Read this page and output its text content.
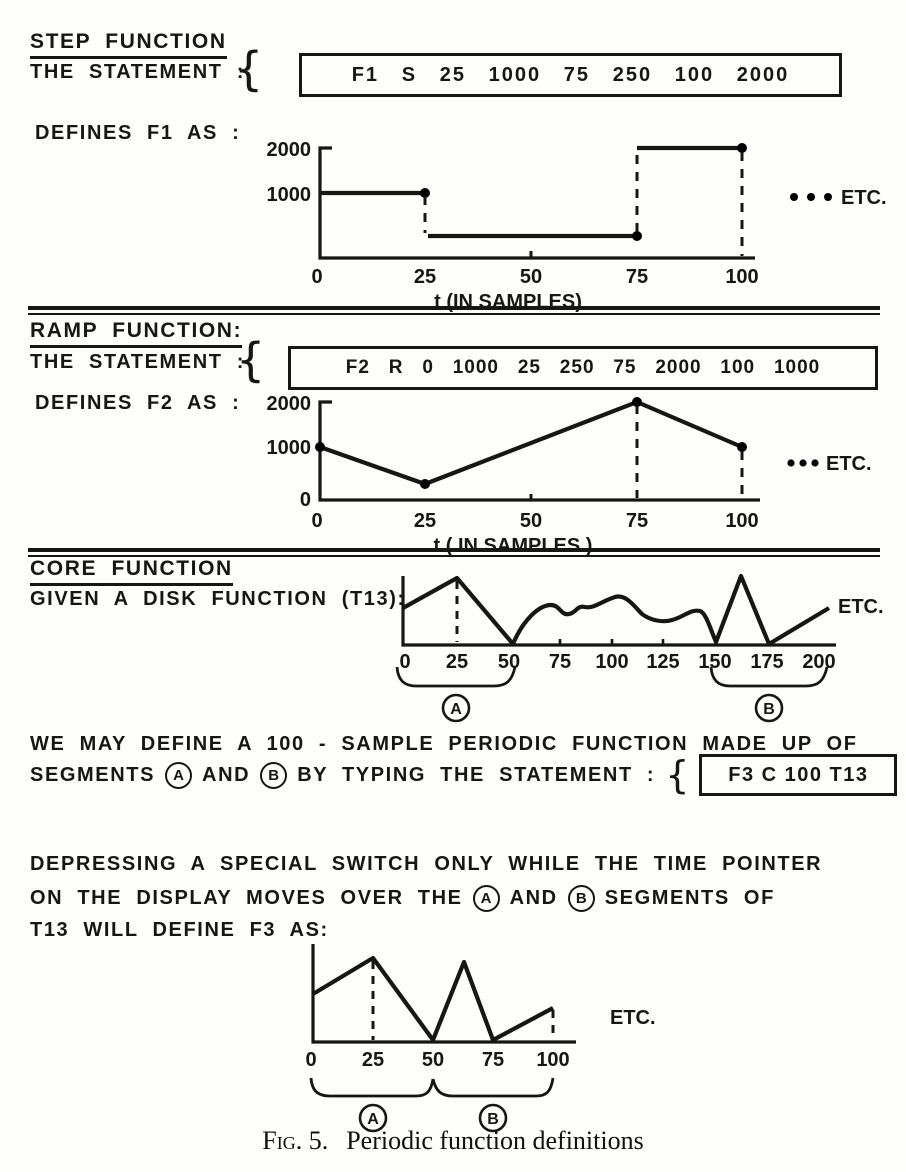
STEP FUNCTION
THE STATEMENT :
{	F1   S   25   1000   75   250   100   2000
DEFINES F1 AS :
2000
1000
0	25	50	75	100
t (IN SAMPLES)
ETC.
RAMP FUNCTION:
THE STATEMENT :
{	F2   R   0   1000   25   250   75   2000   100   1000
DEFINES F2 AS : 2000
1000
0
0	25	50	75	100
t ( IN SAMPLES )
ETC.
CORE FUNCTION
GIVEN A DISK FUNCTION (T13):
0 25 50 75 100 125 150 175 200
A	B
ETC.
WE MAY DEFINE A 100 - SAMPLE PERIODIC FUNCTION MADE UP OF
SEGMENTS	A AND	B BY TYPING THE STATEMENT : { F3 C 100 T13
DEPRESSING A SPECIAL SWITCH ONLY WHILE THE TIME POINTER
ON THE DISPLAY MOVES OVER THE	A AND	B SEGMENTS OF
T13 WILL DEFINE F3 AS:
0 25 50 75 100
A	B
ETC.
Fig. 5. Periodic function definitions
